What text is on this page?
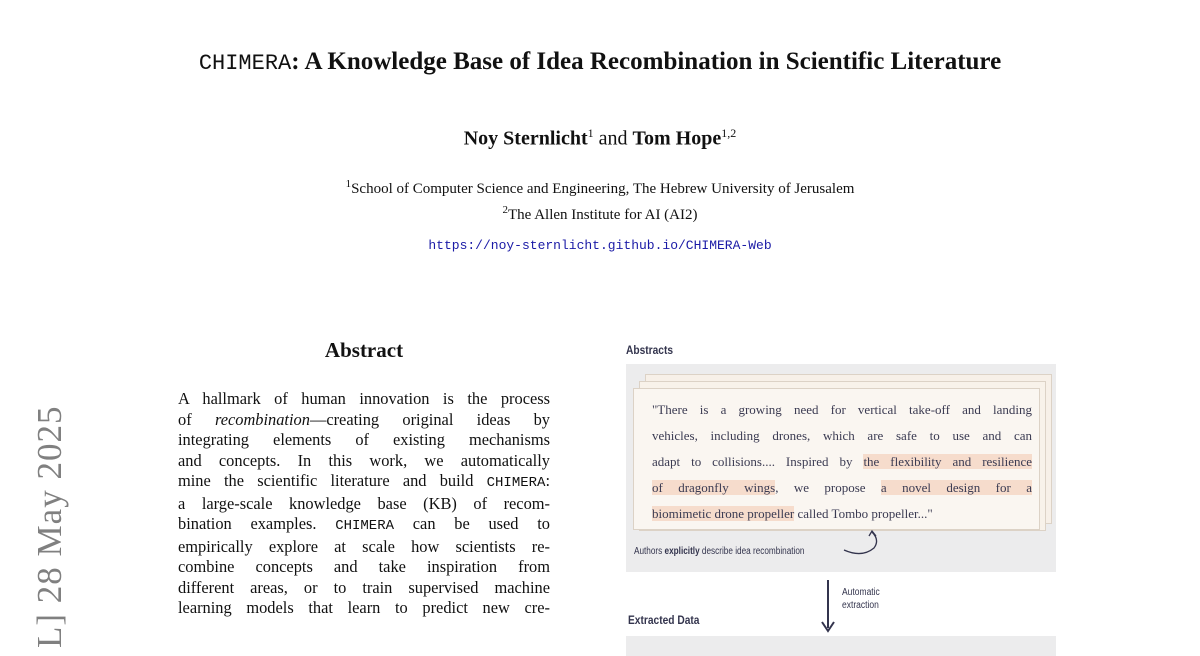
CHIMERA: A Knowledge Base of Idea Recombination in Scientific Literature
Noy Sternlicht$^1$ and Tom Hope$^{1,2}$
$^1$School of Computer Science and Engineering, The Hebrew University of Jerusalem
$^2$The Allen Institute for AI (AI2)
https://noy-sternlicht.github.io/CHIMERA-Web
L] 28 May 2025
Abstract
A hallmark of human innovation is the process
of recombination—creating original ideas by
integrating elements of existing mechanisms
and concepts. In this work, we automatically
mine the scientific literature and build CHIMERA:
a large-scale knowledge base (KB) of recom-
bination examples. CHIMERA can be used to
empirically explore at scale how scientists re-
combine concepts and take inspiration from
different areas, or to train supervised machine
learning models that learn to predict new cre-
Abstracts
"There is a growing need for vertical take-off and landing
vehicles, including drones, which are safe to use and can
adapt to collisions.... Inspired by the flexibility and resilience
of dragonfly wings, we propose a novel design for a
biomimetic drone propeller called Tombo propeller..."
Authors explicitly describe idea recombination
Automatic
extraction
Extracted Data
